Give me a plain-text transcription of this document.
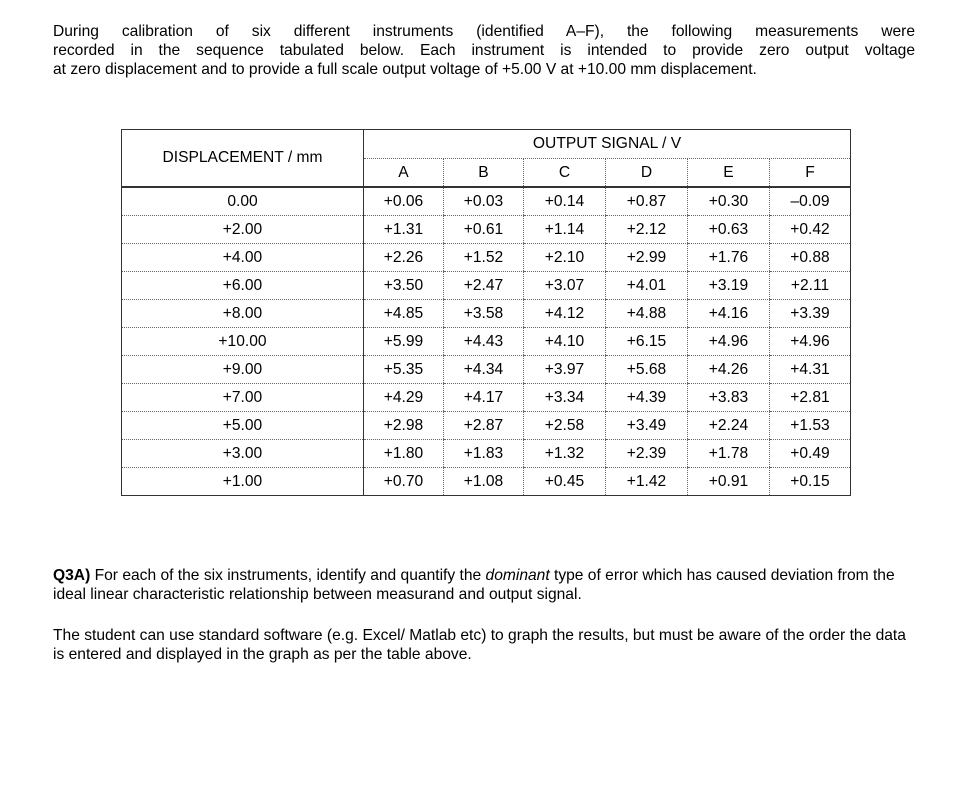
During calibration of six different instruments (identified A–F), the following measurements were
recorded in the sequence tabulated below. Each instrument is intended to provide zero output voltage
at zero displacement and to provide a full scale output voltage of +5.00 V at +10.00 mm displacement.
DISPLACEMENT / mm	OUTPUT SIGNAL / V					
	A	B	C	D	E	F
0.00	+0.06	+0.03	+0.14	+0.87	+0.30	–0.09
+2.00	+1.31	+0.61	+1.14	+2.12	+0.63	+0.42
+4.00	+2.26	+1.52	+2.10	+2.99	+1.76	+0.88
+6.00	+3.50	+2.47	+3.07	+4.01	+3.19	+2.11
+8.00	+4.85	+3.58	+4.12	+4.88	+4.16	+3.39
+10.00	+5.99	+4.43	+4.10	+6.15	+4.96	+4.96
+9.00	+5.35	+4.34	+3.97	+5.68	+4.26	+4.31
+7.00	+4.29	+4.17	+3.34	+4.39	+3.83	+2.81
+5.00	+2.98	+2.87	+2.58	+3.49	+2.24	+1.53
+3.00	+1.80	+1.83	+1.32	+2.39	+1.78	+0.49
+1.00	+0.70	+1.08	+0.45	+1.42	+0.91	+0.15

Q3A) For each of the six instruments, identify and quantify the dominant type of error which has caused deviation from the ideal linear characteristic relationship between measurand and output signal.

The student can use standard software (e.g. Excel/ Matlab etc) to graph the results, but must be aware of the order the data is entered and displayed in the graph as per the table above.
